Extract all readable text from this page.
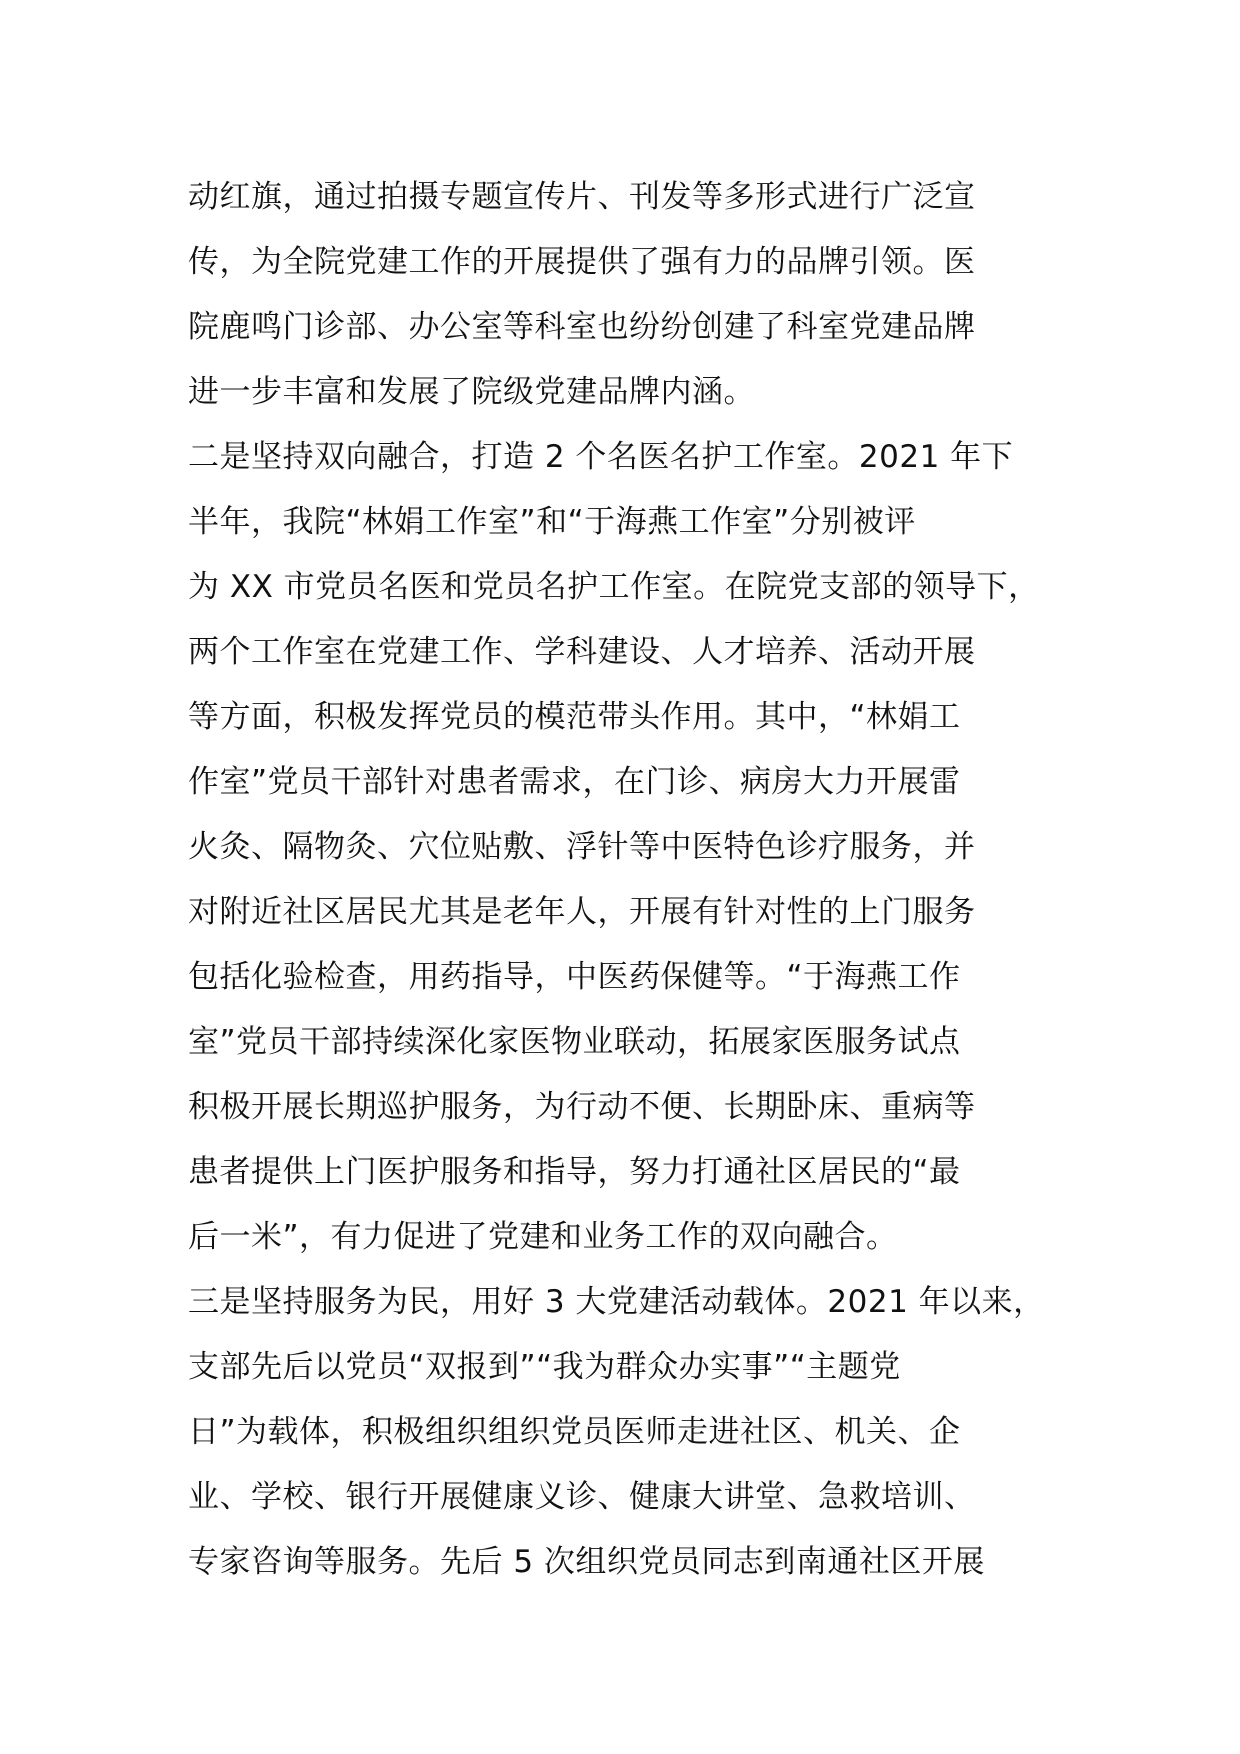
动红旗，通过拍摄专题宣传片、刊发等多形式进行广泛宣
传，为全院党建工作的开展提供了强有力的品牌引领。医
院鹿鸣门诊部、办公室等科室也纷纷创建了科室党建品牌
进一步丰富和发展了院级党建品牌内涵。
二是坚持双向融合，打造 2 个名医名护工作室。2021 年下
半年，我院“林娟工作室”和“于海燕工作室”分别被评
为 XX 市党员名医和党员名护工作室。在院党支部的领导下，
两个工作室在党建工作、学科建设、人才培养、活动开展
等方面，积极发挥党员的模范带头作用。其中，“林娟工
作室”党员干部针对患者需求，在门诊、病房大力开展雷
火灸、隔物灸、穴位贴敷、浮针等中医特色诊疗服务，并
对附近社区居民尤其是老年人，开展有针对性的上门服务
包括化验检查，用药指导，中医药保健等。“于海燕工作
室”党员干部持续深化家医物业联动，拓展家医服务试点
积极开展长期巡护服务，为行动不便、长期卧床、重病等
患者提供上门医护服务和指导，努力打通社区居民的“最
后一米”，有力促进了党建和业务工作的双向融合。
三是坚持服务为民，用好 3 大党建活动载体。2021 年以来，
支部先后以党员“双报到”“我为群众办实事”“主题党
日”为载体，积极组织组织党员医师走进社区、机关、企
业、学校、银行开展健康义诊、健康大讲堂、急救培训、
专家咨询等服务。先后 5 次组织党员同志到南通社区开展
